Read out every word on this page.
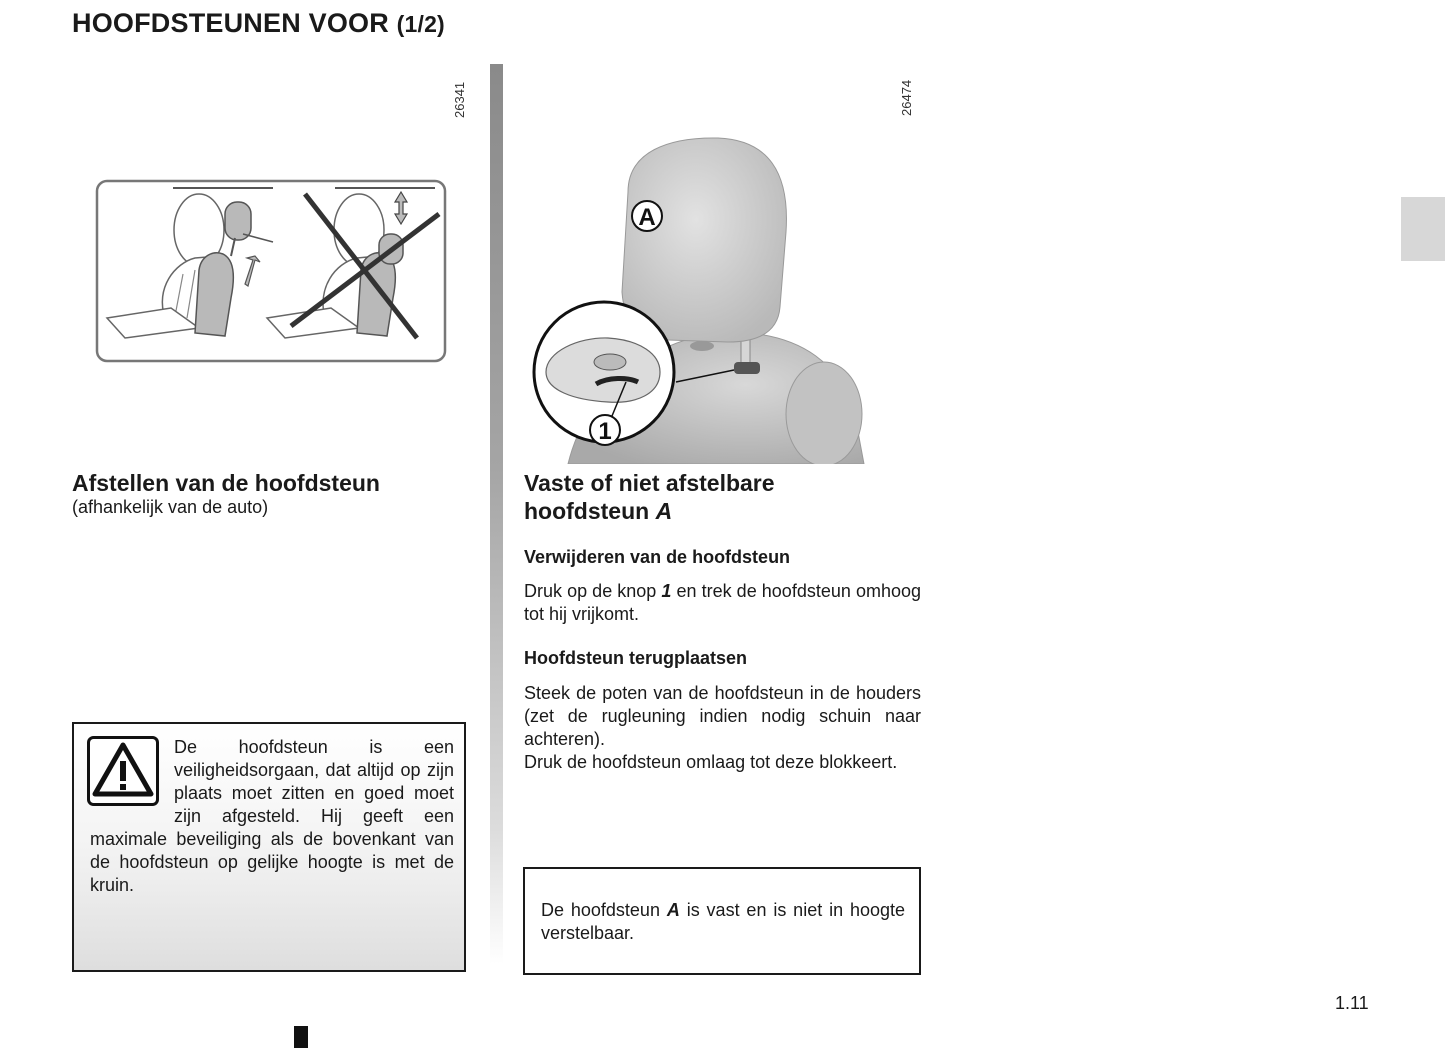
HOOFDSTEUNEN VOOR (1/2)
26341
Afstellen van de hoofdsteun
(afhankelijk van de auto)
De hoofdsteun is een veiligheidsorgaan, dat altijd op zijn plaats moet zitten en goed moet zijn afgesteld. Hij geeft een maximale beveiliging als de bovenkant van de hoofdsteun op gelijke hoogte is met de kruin.
26474
A
1
Vaste of niet afstelbare
hoofdsteun A
Verwijderen van de hoofdsteun
Druk op de knop 1 en trek de hoofdsteun omhoog tot hij vrijkomt.
Hoofdsteun terugplaatsen
Steek de poten van de hoofdsteun in de houders (zet de rugleuning indien nodig schuin naar achteren).
Druk de hoofdsteun omlaag tot deze blokkeert.
De hoofdsteun A is vast en is niet in hoogte verstelbaar.
1.11
